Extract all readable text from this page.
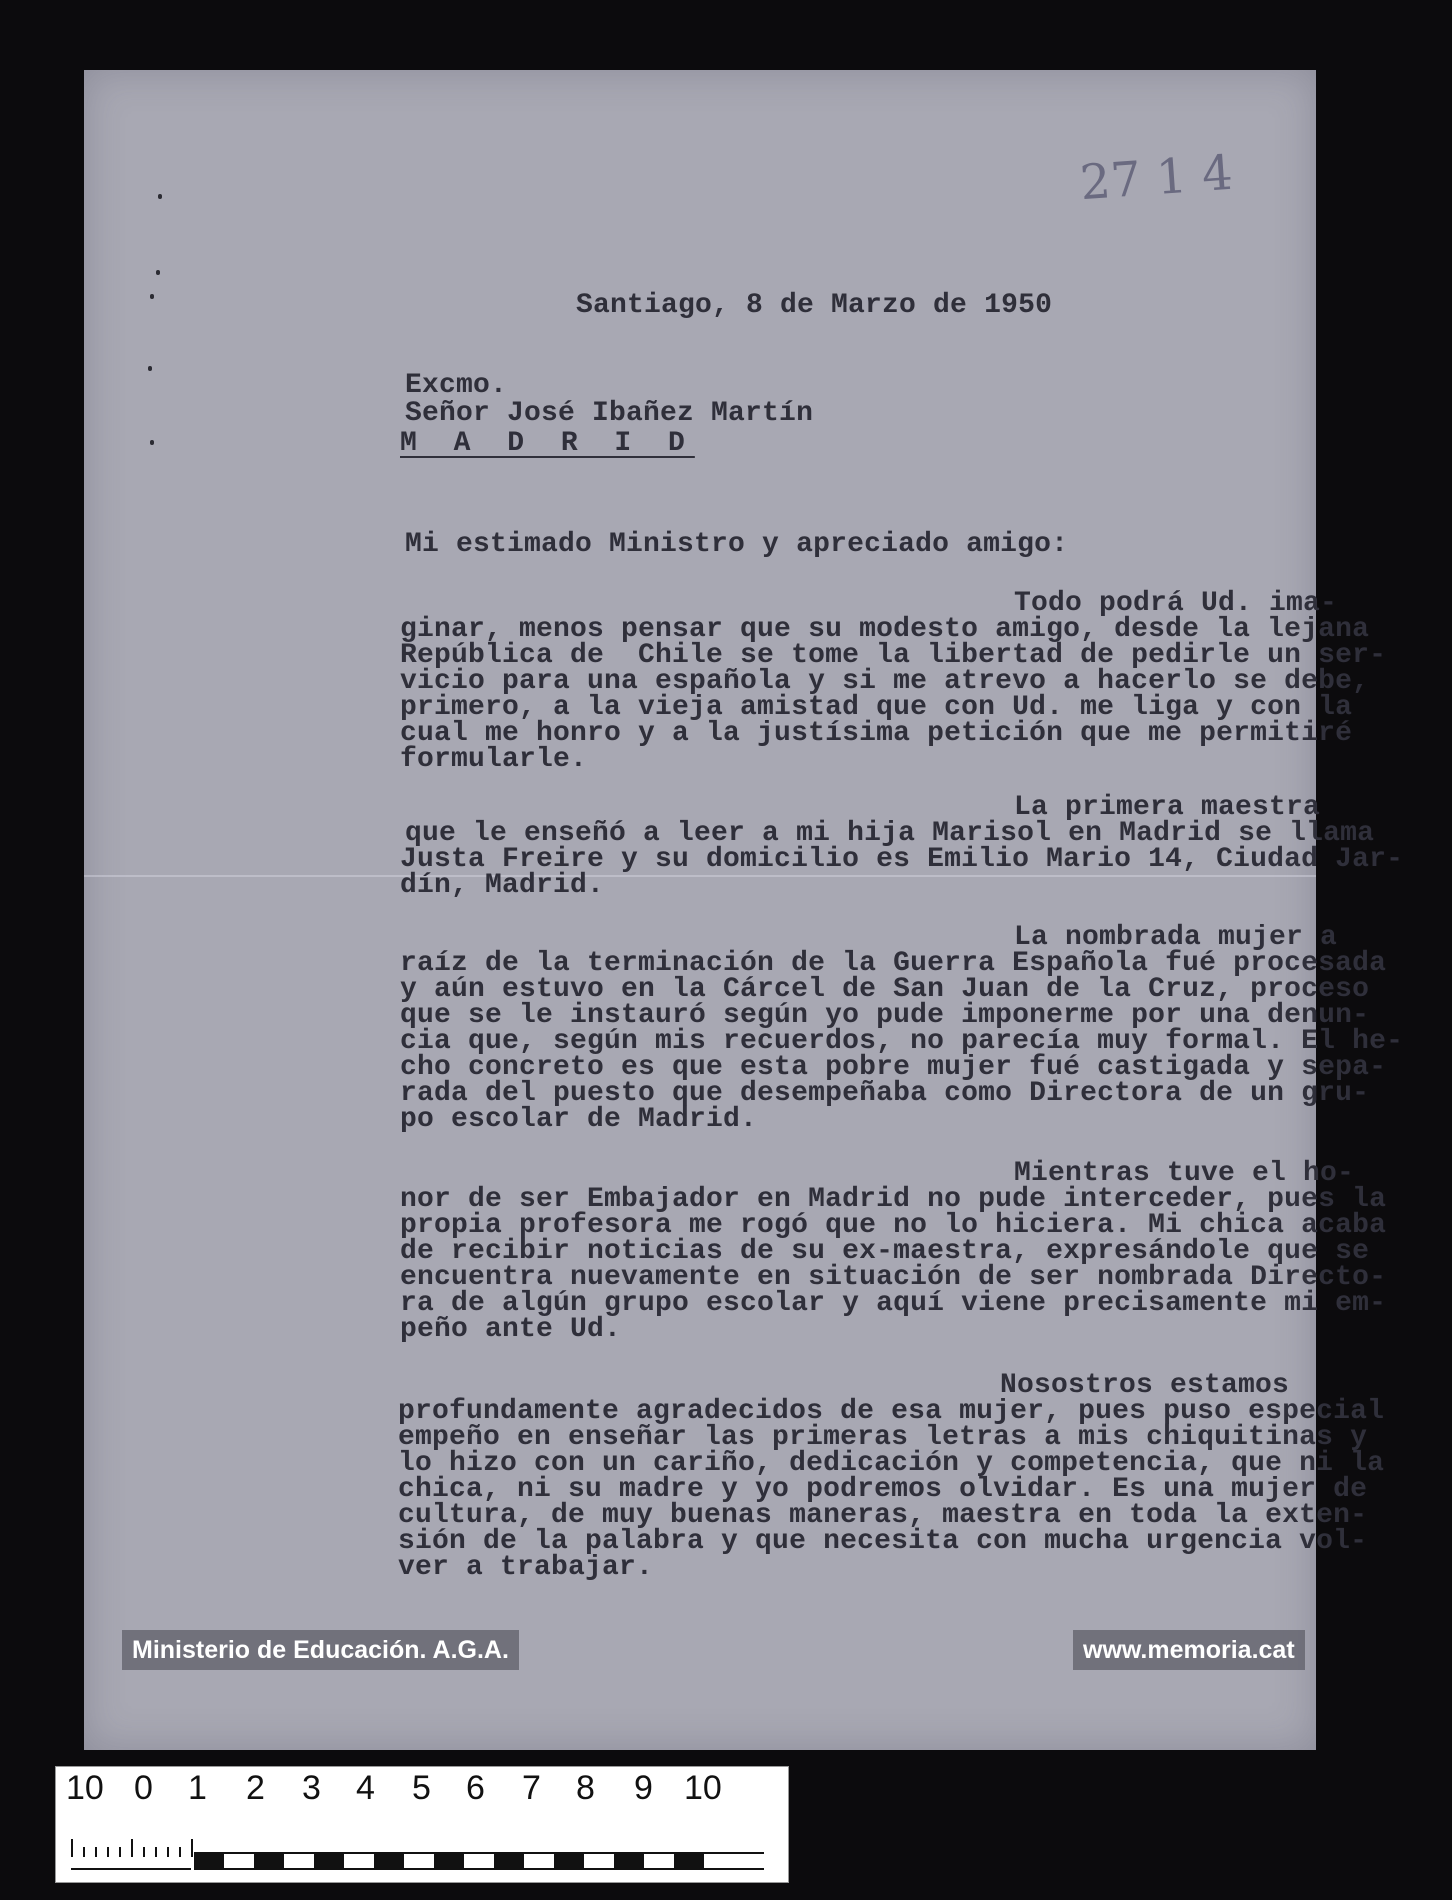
27 1 4
Santiago, 8 de Marzo de 1950
Excmo.
Señor José Ibañez Martín
M A D R I D
Mi estimado Ministro y apreciado amigo:
Todo podrá Ud. ima-
ginar, menos pensar que su modesto amigo, desde la lejana
República de  Chile se tome la libertad de pedirle un ser-
vicio para una española y si me atrevo a hacerlo se debe,
primero, a la vieja amistad que con Ud. me liga y con la
cual me honro y a la justísima petición que me permitiré
formularle.
La primera maestra
que le enseñó a leer a mi hija Marisol en Madrid se llama
Justa Freire y su domicilio es Emilio Mario 14, Ciudad Jar-
dín, Madrid.
La nombrada mujer a
raíz de la terminación de la Guerra Española fué procesada
y aún estuvo en la Cárcel de San Juan de la Cruz, proceso
que se le instauró según yo pude imponerme por una denun-
cia que, según mis recuerdos, no parecía muy formal. El he-
cho concreto es que esta pobre mujer fué castigada y sepa-
rada del puesto que desempeñaba como Directora de un gru-
po escolar de Madrid.
Mientras tuve el ho-
nor de ser Embajador en Madrid no pude interceder, pues la
propia profesora me rogó que no lo hiciera. Mi chica acaba
de recibir noticias de su ex-maestra, expresándole que se
encuentra nuevamente en situación de ser nombrada Directo-
ra de algún grupo escolar y aquí viene precisamente mi em-
peño ante Ud.
Nosostros estamos
profundamente agradecidos de esa mujer, pues puso especial
empeño en enseñar las primeras letras a mis chiquitinas y
lo hizo con un cariño, dedicación y competencia, que ni la
chica, ni su madre y yo podremos olvidar. Es una mujer de
cultura, de muy buenas maneras, maestra en toda la exten-
sión de la palabra y que necesita con mucha urgencia vol-
ver a trabajar.
Ministerio de Educación. A.G.A.	www.memoria.cat
10 0 1 2 3 4 5 6 7 8 9 10
